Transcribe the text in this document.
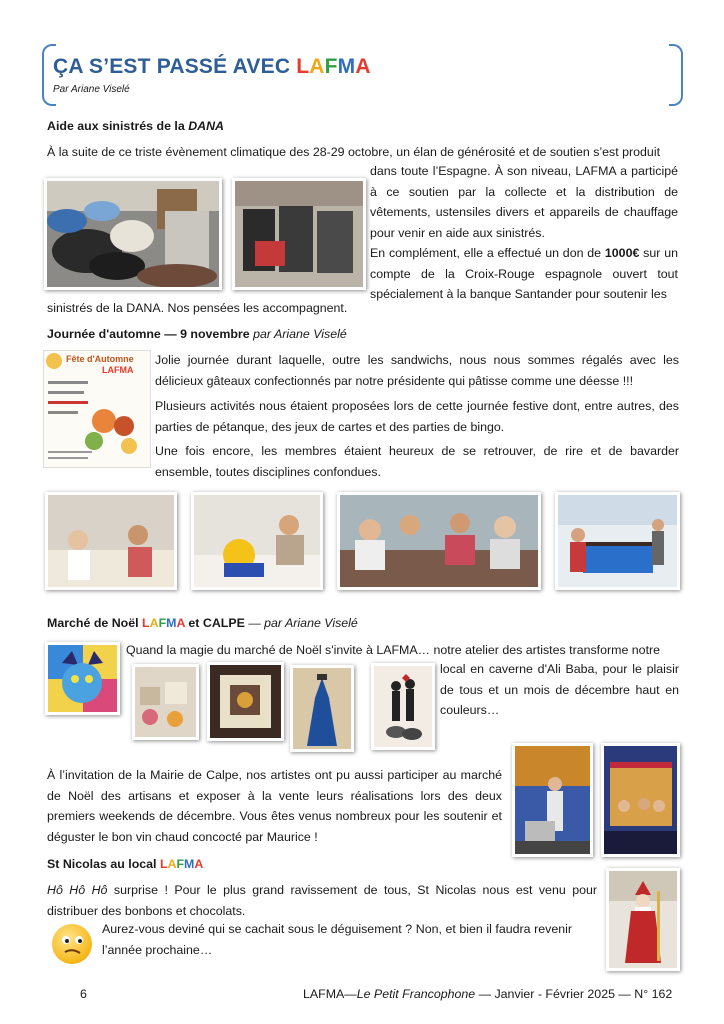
ÇA S’EST PASSÉ AVEC LAFMA
Par Ariane Viselé
Aide aux sinistrés de la DANA
À la suite de ce triste évènement climatique des 28-29 octobre, un élan de générosité et de soutien s’est produit
dans toute l’Espagne. À son niveau, LAFMA a participé à ce soutien par la collecte et la distribution de vêtements, ustensiles divers et appareils de chauffage pour venir en aide aux sinistrés.
En complément, elle a effectué un don de 1000€ sur un compte de la Croix-Rouge espagnole ouvert tout spécialement à la banque Santander pour soutenir les
sinistrés de la DANA. Nos pensées les accompagnent.
Journée d'automne — 9 novembre par Ariane Viselé
Fête d'Automne
LAFMA
Jolie journée durant laquelle, outre les sandwichs, nous nous sommes régalés avec les délicieux gâteaux confectionnés par notre présidente qui pâtisse comme une déesse !!!
Plusieurs activités nous étaient proposées lors de cette journée festive dont, entre autres, des parties de pétanque, des jeux de cartes et des parties de bingo.
Une fois encore, les membres étaient heureux de se retrouver, de rire et de bavarder ensemble, toutes disciplines confondues.
Marché de Noël LAFMA et CALPE — par Ariane Viselé
Quand la magie du marché de Noël s'invite à LAFMA… notre atelier des artistes transforme notre
local en caverne d'Ali Baba, pour le plaisir de tous et un mois de décembre haut en couleurs…
À l’invitation de la Mairie de Calpe, nos artistes ont pu aussi participer au marché de Noël des artisans et exposer à la vente leurs réalisations lors des deux premiers weekends de décembre. Vous êtes venus nombreux pour les soutenir et déguster le bon vin chaud concocté par Maurice !
St Nicolas au local LAFMA
Hô Hô Hô surprise ! Pour le plus grand ravissement de tous, St Nicolas nous est venu pour distribuer des bonbons et chocolats.
Aurez-vous deviné qui se cachait sous le déguisement ? Non, et bien il faudra revenir l’année prochaine…
6	LAFMA—Le Petit Francophone — Janvier - Février 2025 — N° 162
